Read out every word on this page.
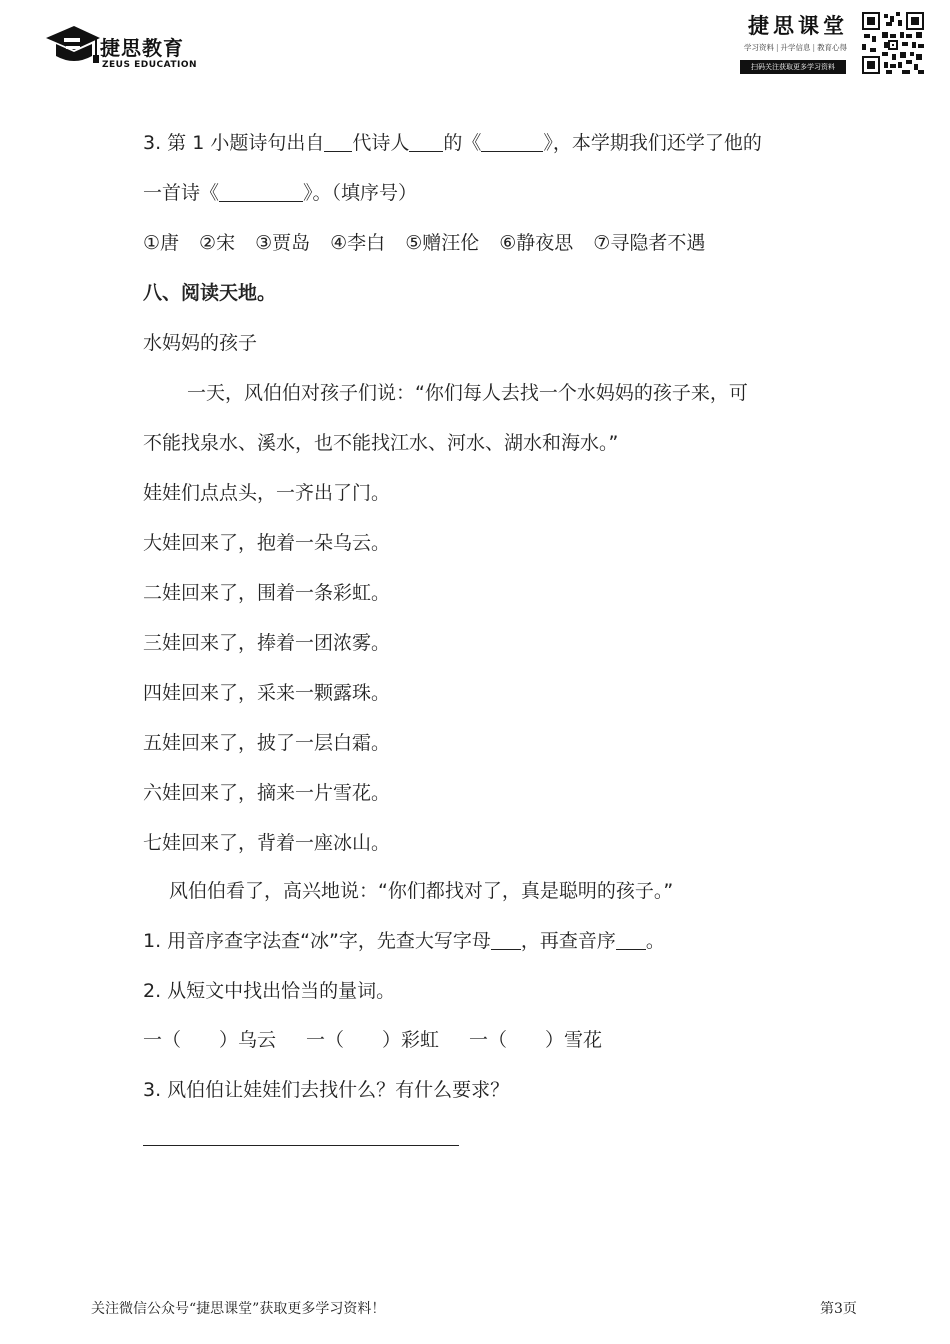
捷思教育
ZEUS EDUCATION
捷思课堂
学习资料 | 升学信息 | 教育心得
扫码关注获取更多学习资料
3. 第 1 小题诗句出自 代诗人 的《	》，本学期我们还学了他的
一首诗《	》。（填序号）
①唐 ②宋 ③贾岛 ④李白 ⑤赠汪伦 ⑥静夜思 ⑦寻隐者不遇
八、阅读天地。
水妈妈的孩子
一天，风伯伯对孩子们说：“你们每人去找一个水妈妈的孩子来，可
不能找泉水、溪水，也不能找江水、河水、湖水和海水。”
娃娃们点点头，一齐出了门。
大娃回来了，抱着一朵乌云。
二娃回来了，围着一条彩虹。
三娃回来了，捧着一团浓雾。
四娃回来了，采来一颗露珠。
五娃回来了，披了一层白霜。
六娃回来了，摘来一片雪花。
七娃回来了，背着一座冰山。
风伯伯看了，高兴地说：“你们都找对了，真是聪明的孩子。”
1. 用音序查字法查“冰”字，先查大写字母 ，再查音序 。
2. 从短文中找出恰当的量词。
一（　　）乌云 一（　　）彩虹 一（　　）雪花
3. 风伯伯让娃娃们去找什么？有什么要求？
关注微信公众号“捷思课堂”获取更多学习资料！	第3页
